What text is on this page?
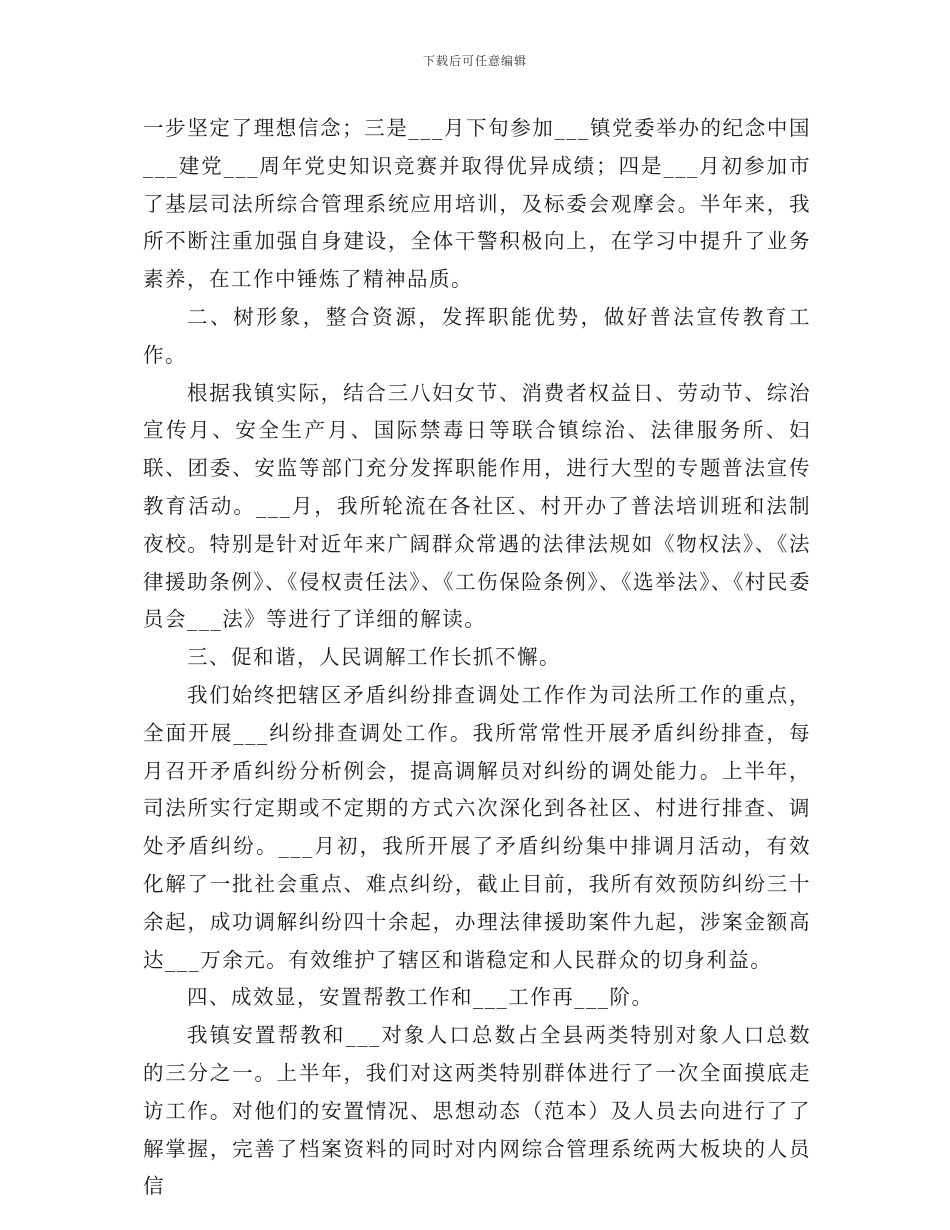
下载后可任意编辑

一步坚定了理想信念；三是___月下旬参加___镇党委举办的纪念中国___建党___周年党史知识竞赛并取得优异成绩；四是___月初参加市了基层司法所综合管理系统应用培训，及标委会观摩会。半年来，我所不断注重加强自身建设，全体干警积极向上，在学习中提升了业务素养，在工作中锤炼了精神品质。

二、树形象，整合资源，发挥职能优势，做好普法宣传教育工作。

根据我镇实际，结合三八妇女节、消费者权益日、劳动节、综治宣传月、安全生产月、国际禁毒日等联合镇综治、法律服务所、妇联、团委、安监等部门充分发挥职能作用，进行大型的专题普法宣传教育活动。___月，我所轮流在各社区、村开办了普法培训班和法制夜校。特别是针对近年来广阔群众常遇的法律法规如《物权法》、《法律援助条例》、《侵权责任法》、《工伤保险条例》、《选举法》、《村民委员会___法》等进行了详细的解读。

三、促和谐，人民调解工作长抓不懈。

我们始终把辖区矛盾纠纷排查调处工作作为司法所工作的重点，全面开展___纠纷排查调处工作。我所常常性开展矛盾纠纷排查，每月召开矛盾纠纷分析例会，提高调解员对纠纷的调处能力。上半年，司法所实行定期或不定期的方式六次深化到各社区、村进行排查、调处矛盾纠纷。___月初，我所开展了矛盾纠纷集中排调月活动，有效化解了一批社会重点、难点纠纷，截止目前，我所有效预防纠纷三十余起，成功调解纠纷四十余起，办理法律援助案件九起，涉案金额高达___万余元。有效维护了辖区和谐稳定和人民群众的切身利益。

四、成效显，安置帮教工作和___工作再___阶。

我镇安置帮教和___对象人口总数占全县两类特别对象人口总数的三分之一。上半年，我们对这两类特别群体进行了一次全面摸底走访工作。对他们的安置情况、思想动态（范本）及人员去向进行了了解掌握，完善了档案资料的同时对内网综合管理系统两大板块的人员信
